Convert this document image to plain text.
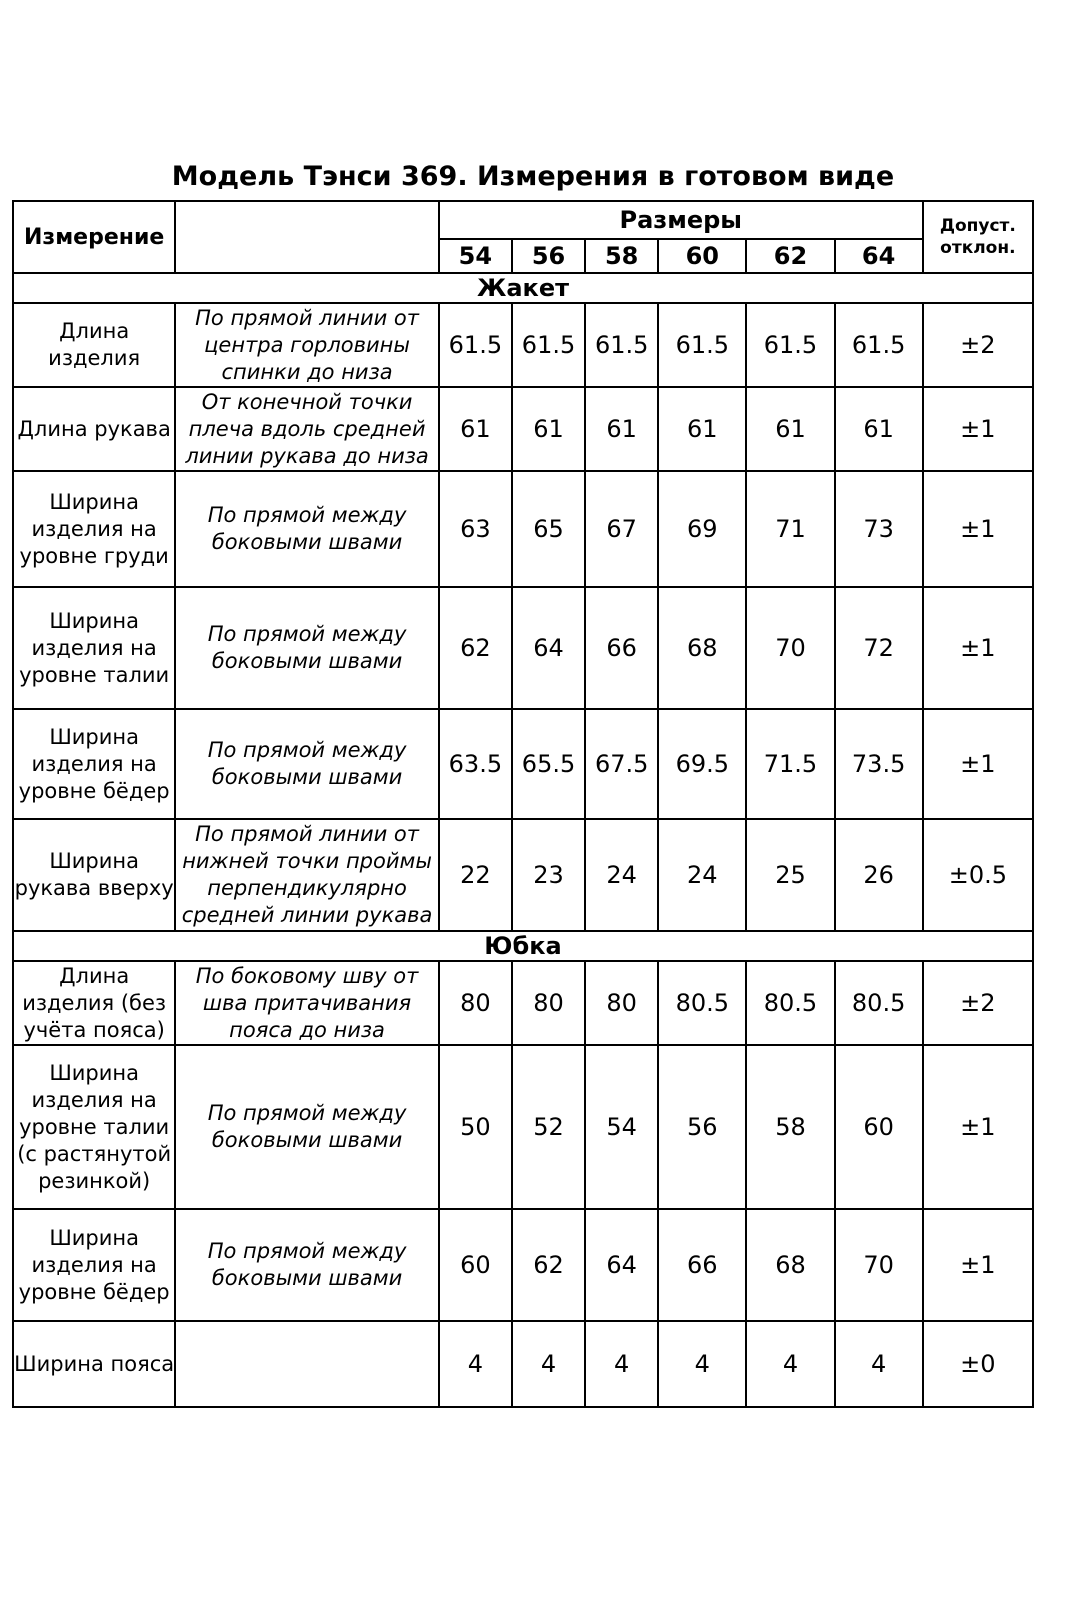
Модель Тэнси 369. Измерения в готовом виде
Измерение		Размеры						Допуст.
отклон.
		54	56	58	60	62	64	
Жакет								
Длина изделия	По прямой линии от центра горловины спинки до низа	61.5	61.5	61.5	61.5	61.5	61.5	±2
Длина рукава	От конечной точки плеча вдоль средней линии рукава до низа	61	61	61	61	61	61	±1
Ширина изделия на уровне груди	По прямой между боковыми швами	63	65	67	69	71	73	±1
Ширина изделия на уровне талии	По прямой между боковыми швами	62	64	66	68	70	72	±1
Ширина изделия на уровне бёдер	По прямой между боковыми швами	63.5	65.5	67.5	69.5	71.5	73.5	±1
Ширина рукава вверху	По прямой линии от нижней точки проймы перпендикулярно средней линии рукава	22	23	24	24	25	26	±0.5
Юбка								
Длина изделия (без учёта пояса)	По боковому шву от шва притачивания пояса до низа	80	80	80	80.5	80.5	80.5	±2
Ширина изделия на уровне талии (с растянутой резинкой)	По прямой между боковыми швами	50	52	54	56	58	60	±1
Ширина изделия на уровне бёдер	По прямой между боковыми швами	60	62	64	66	68	70	±1
Ширина пояса		4	4	4	4	4	4	±0
